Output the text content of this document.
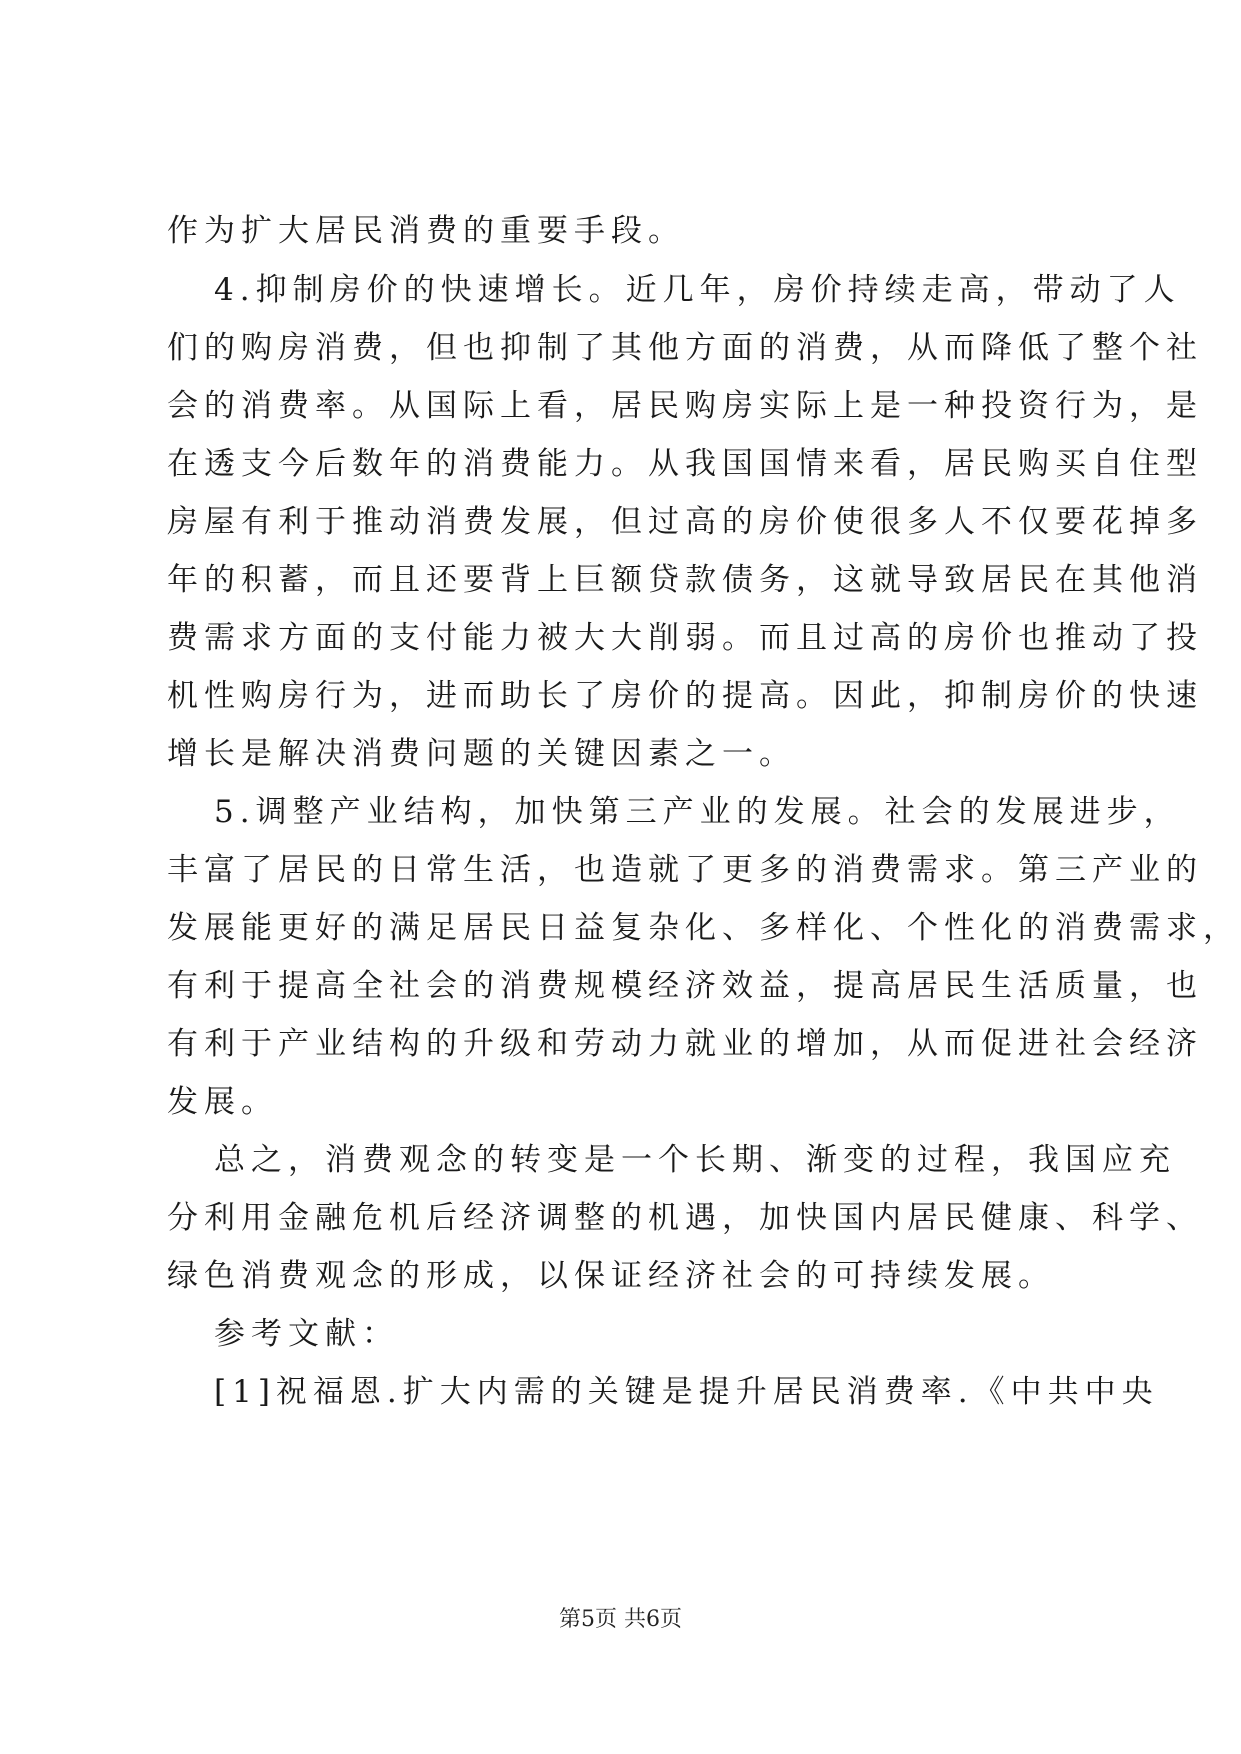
作为扩大居民消费的重要手段。
4.抑制房价的快速增长。近几年，房价持续走高，带动了人
们的购房消费，但也抑制了其他方面的消费，从而降低了整个社
会的消费率。从国际上看，居民购房实际上是一种投资行为，是
在透支今后数年的消费能力。从我国国情来看，居民购买自住型
房屋有利于推动消费发展，但过高的房价使很多人不仅要花掉多
年的积蓄，而且还要背上巨额贷款债务，这就导致居民在其他消
费需求方面的支付能力被大大削弱。而且过高的房价也推动了投
机性购房行为，进而助长了房价的提高。因此，抑制房价的快速
增长是解决消费问题的关键因素之一。
5.调整产业结构，加快第三产业的发展。社会的发展进步，
丰富了居民的日常生活，也造就了更多的消费需求。第三产业的
发展能更好的满足居民日益复杂化、多样化、个性化的消费需求，
有利于提高全社会的消费规模经济效益，提高居民生活质量，也
有利于产业结构的升级和劳动力就业的增加，从而促进社会经济
发展。
总之，消费观念的转变是一个长期、渐变的过程，我国应充
分利用金融危机后经济调整的机遇，加快国内居民健康、科学、
绿色消费观念的形成，以保证经济社会的可持续发展。
参考文献：
[1]祝福恩.扩大内需的关键是提升居民消费率.《中共中央
第5页 共6页
